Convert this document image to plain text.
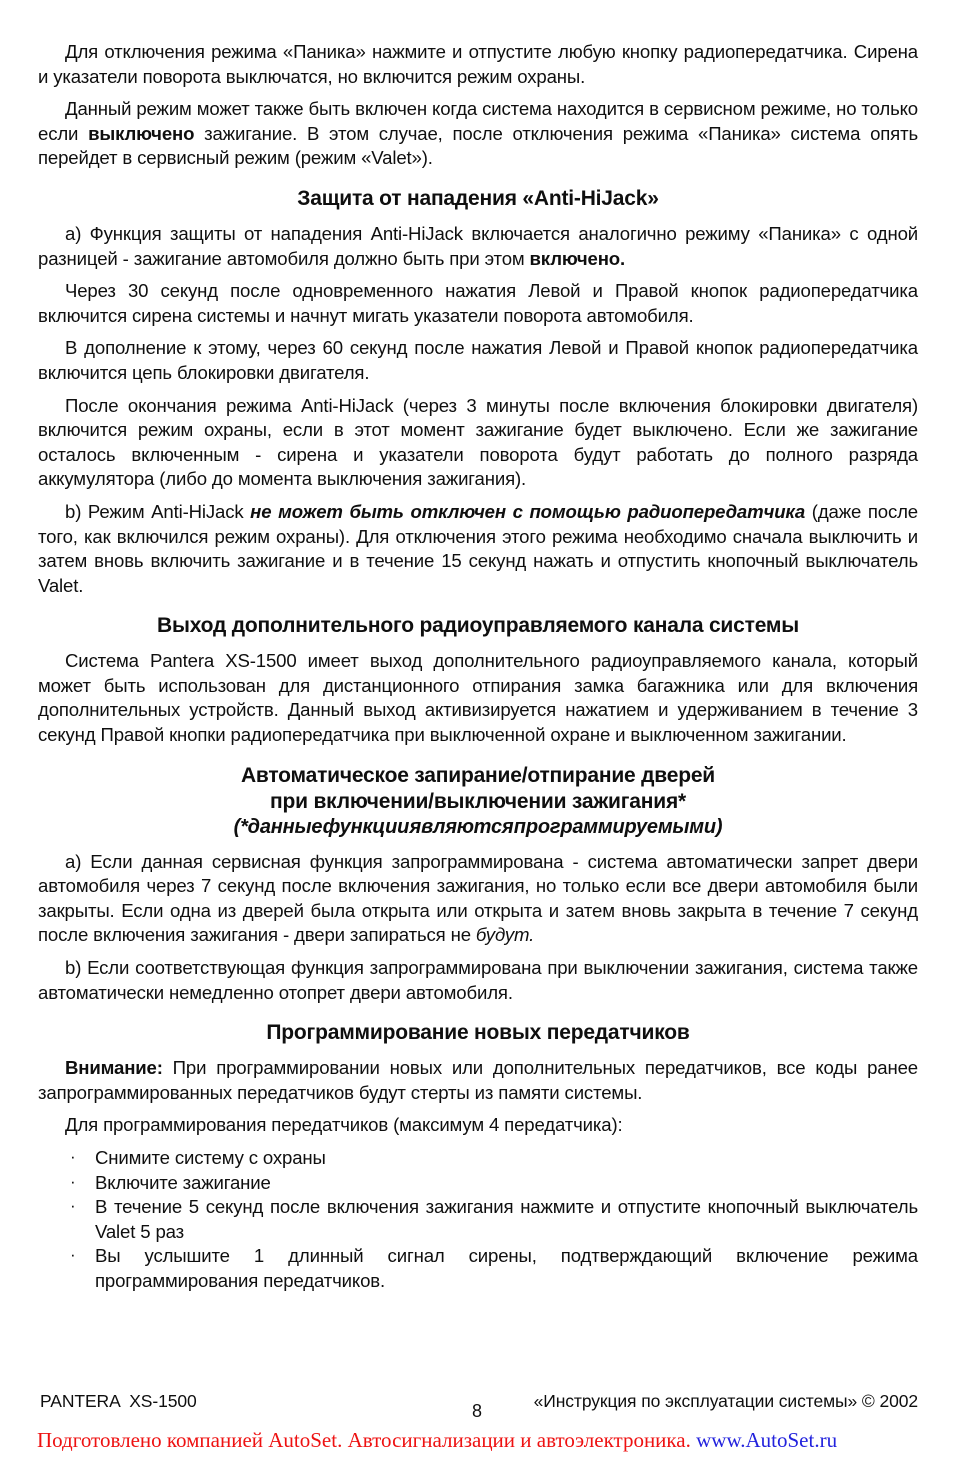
Для отключения режима «Паника» нажмите и отпустите любую кнопку радиопередатчика. Сирена и указатели поворота выключатся, но включится режим охраны.

Данный режим может также быть включен когда система находится в сервисном режиме, но только если выключено зажигание. В этом случае, после отключения режима «Паника» система опять перейдет в сервисный режим (режим «Valet»).

Защита от нападения «Anti-HiJack»

а) Функция защиты от нападения Anti-HiJack включается аналогично режиму «Паника» с одной разницей - зажигание автомобиля должно быть при этом включено.

Через 30 секунд после одновременного нажатия Левой и Правой кнопок радиопередатчика включится сирена системы и начнут мигать указатели поворота автомобиля.

В дополнение к этому, через 60 секунд после нажатия Левой и Правой кнопок радиопередатчика включится цепь блокировки двигателя.

После окончания режима Anti-HiJack (через 3 минуты после включения блокировки двигателя) включится режим охраны, если в этот момент зажигание будет выключено. Если же зажигание осталось включенным - сирена и указатели поворота будут работать до полного разряда аккумулятора (либо до момента выключения зажигания).

b) Режим Anti-HiJack не может быть отключен с помощью радиопередатчика (даже после того, как включился режим охраны). Для отключения этого режима необходимо сначала выключить и затем вновь включить зажигание и в течение 15 секунд нажать и отпустить кнопочный выключатель Valet.

Выход дополнительного радиоуправляемого канала системы

Система Pantera XS-1500 имеет выход дополнительного радиоуправляемого канала, который может быть использован для дистанционного отпирания замка багажника или для включения дополнительных устройств. Данный выход активизируется нажатием и удерживанием в течение 3 секунд Правой кнопки радиопередатчика при выключенной охране и выключенном зажигании.

Автоматическое запирание/отпирание дверей
при включении/выключении зажигания*
(*данные функции являются программируемыми)

а) Если данная сервисная функция запрограммирована - система автоматически запрет двери автомобиля через 7 секунд после включения зажигания, но только если все двери автомобиля были закрыты. Если одна из дверей была открыта или открыта и затем вновь закрыта в течение 7 секунд после включения зажигания - двери запираться не будут.

b) Если соответствующая функция запрограммирована при выключении зажигания, система также автоматически немедленно отопрет двери автомобиля.

Программирование новых передатчиков

Внимание: При программировании новых или дополнительных передатчиков, все коды ранее запрограммированных передатчиков будут стерты из памяти системы.

Для программирования передатчиков (максимум 4 передатчика):

· Снимите систему с охраны
· Включите зажигание
· В течение 5 секунд после включения зажигания нажмите и отпустите кнопочный выключатель Valet 5 раз
· Вы услышите 1 длинный сигнал сирены, подтверждающий включение режима программирования передатчиков.
PANTERA  XS-1500	«Инструкция по эксплуатации системы» © 2002
8
Подготовлено компанией AutoSet. Автосигнализации и автоэлектроника. www.AutoSet.ru
